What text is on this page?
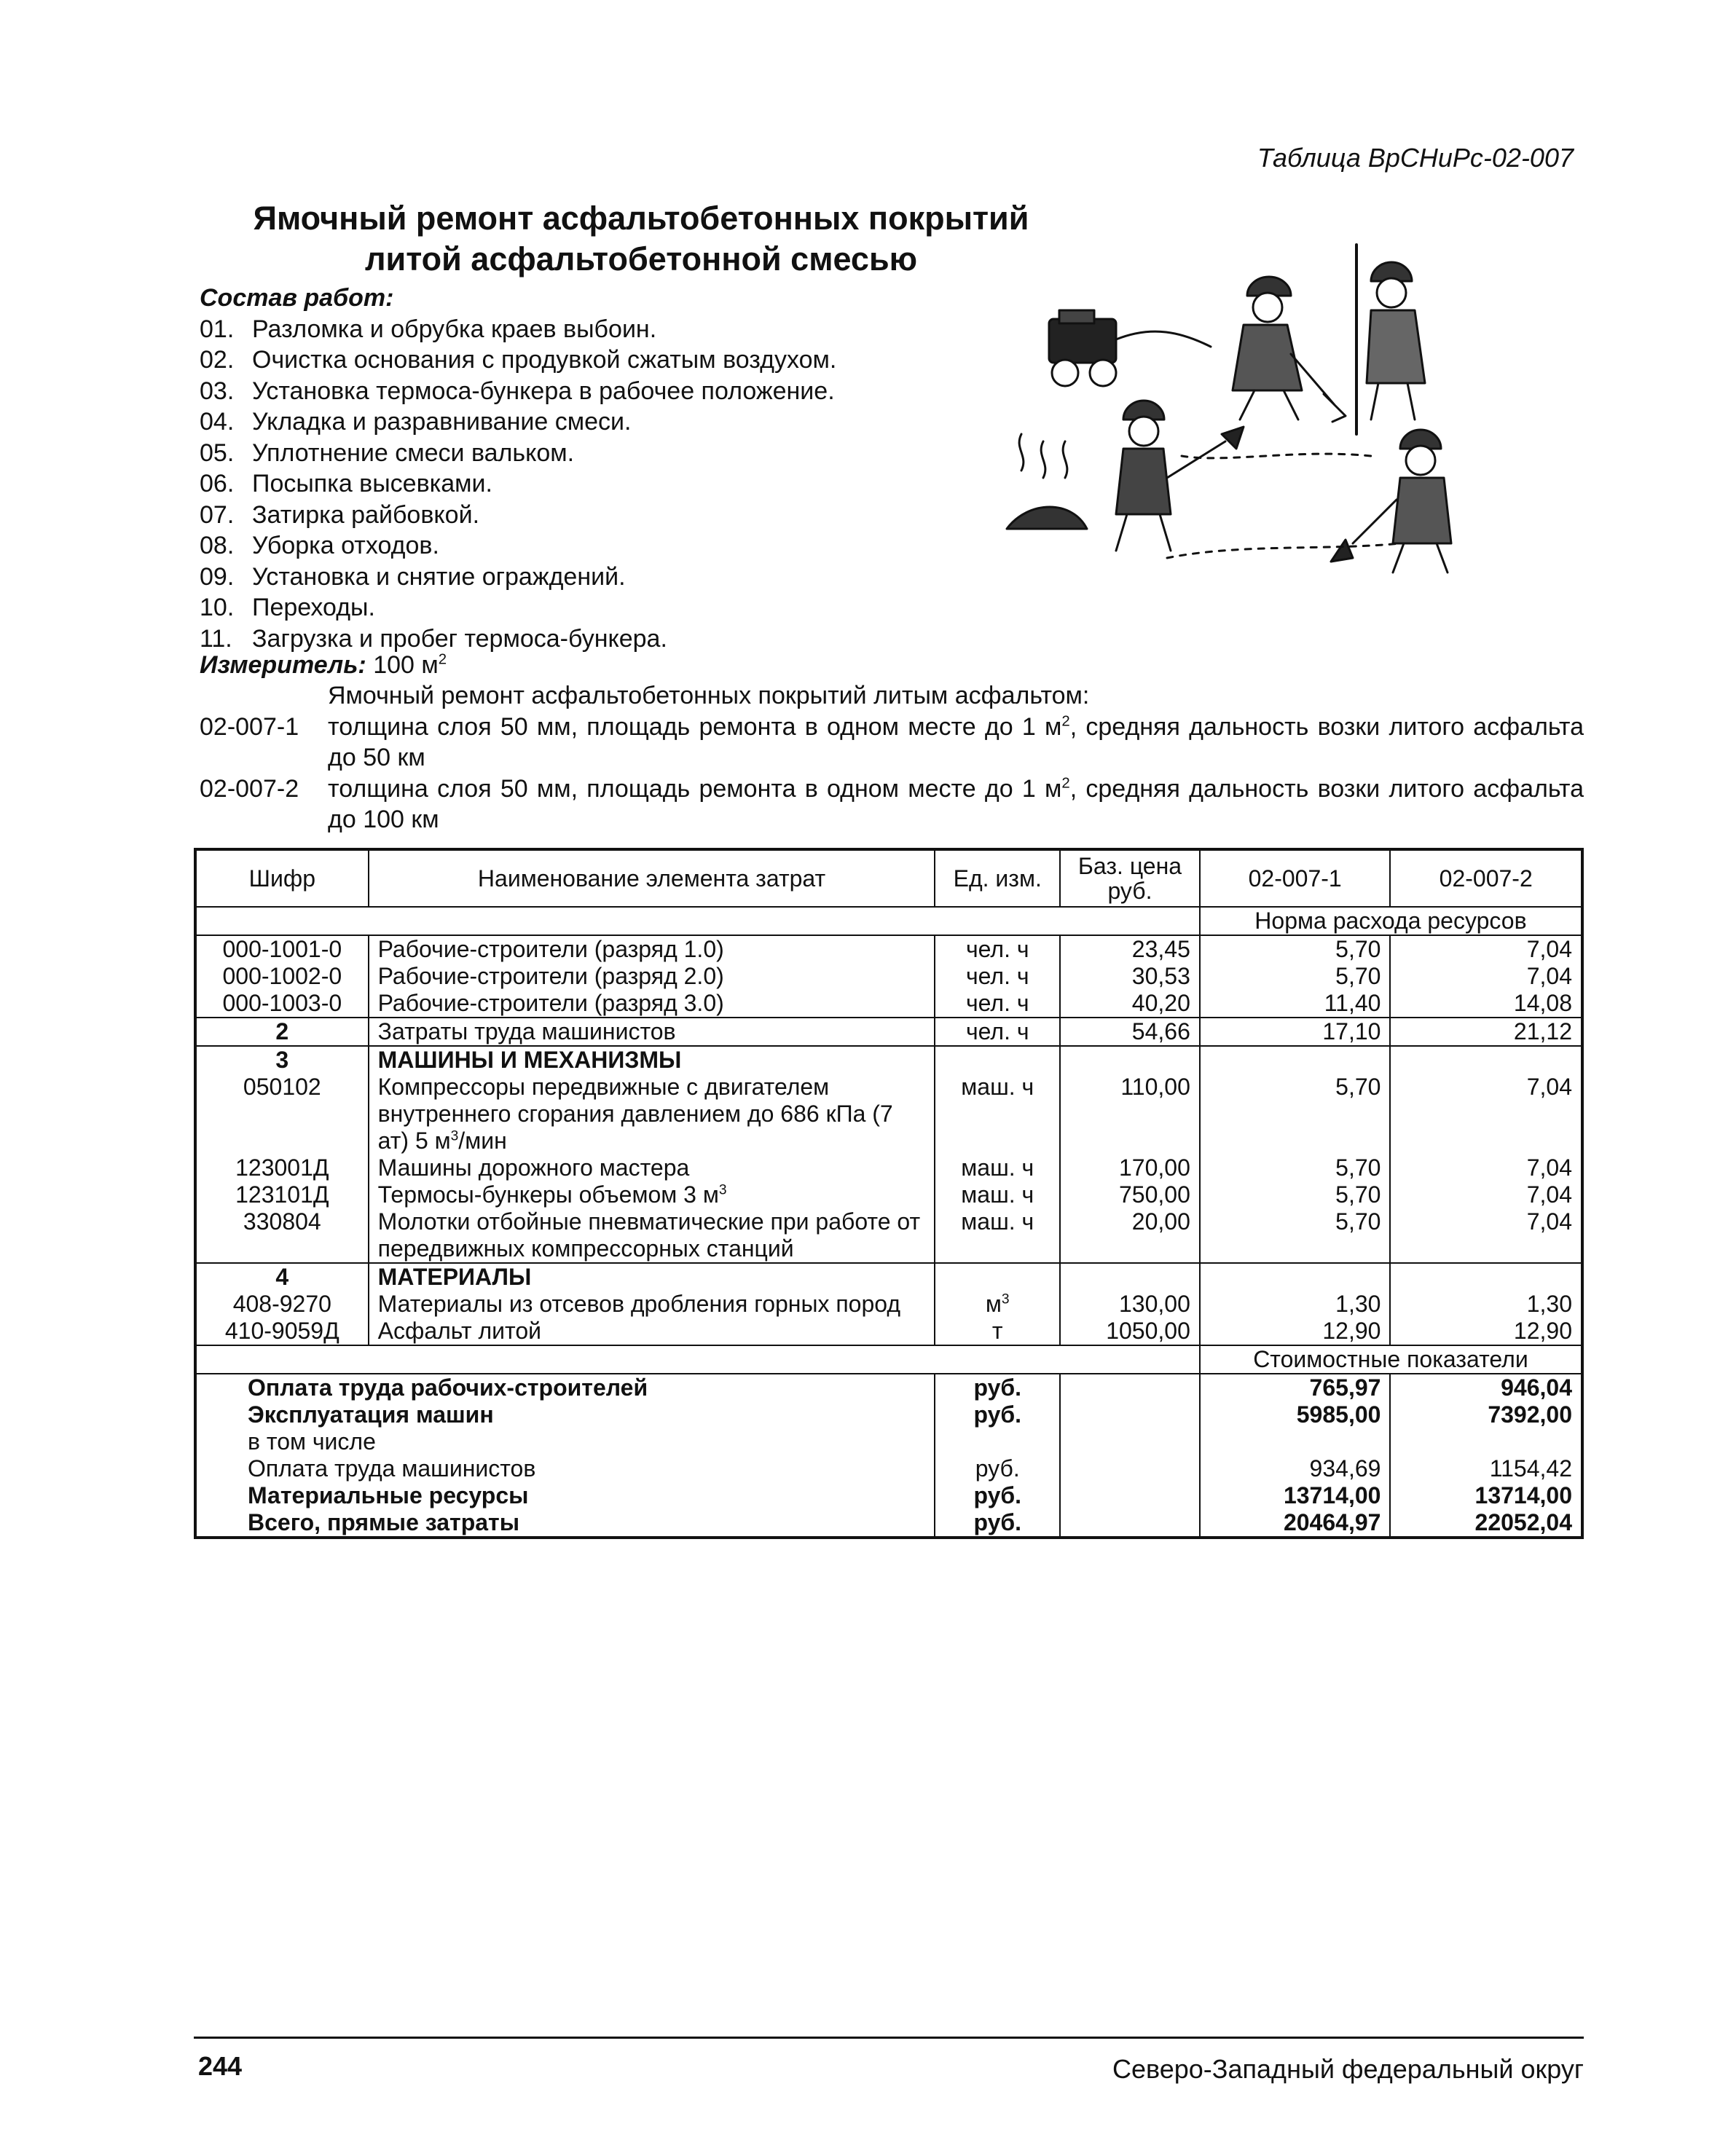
Таблица ВрСНиРс-02-007
Ямочный ремонт асфальтобетонных покрытий
литой асфальтобетонной смесью
Состав работ:
01. Разломка и обрубка краев выбоин.
02. Очистка основания с продувкой сжатым воздухом.
03. Установка термоса-бункера в рабочее положение.
04. Укладка и разравнивание смеси.
05. Уплотнение смеси вальком.
06. Посыпка высевками.
07. Затирка райбовкой.
08. Уборка отходов.
09. Установка и снятие ограждений.
10. Переходы.
11. Загрузка и пробег термоса-бункера.
Измеритель: 100 $м^2$
Ямочный ремонт асфальтобетонных покрытий литым асфальтом:
02-007-1	толщина слоя 50 мм, площадь ремонта в одном месте до 1 $м^2$, средняя дальность возки литого асфальта до 50 км
02-007-2	толщина слоя 50 мм, площадь ремонта в одном месте до 1 $м^2$, средняя дальность возки литого асфальта до 100 км
Шифр	Наименование элемента затрат	Ед. изм.	Баз. цена руб.	02-007-1	02-007-2
				Норма расхода ресурсов	
000-1001-0	Рабочие-строители (разряд 1.0)	чел. ч	23,45	5,70	7,04
000-1002-0	Рабочие-строители (разряд 2.0)	чел. ч	30,53	5,70	7,04
000-1003-0	Рабочие-строители (разряд 3.0)	чел. ч	40,20	11,40	14,08
2	Затраты труда машинистов	чел. ч	54,66	17,10	21,12
3	МАШИНЫ И МЕХАНИЗМЫ				
050102	Компрессоры передвижные с двигателем внутреннего сгорания давлением до 686 кПа (7 ат) 5 $м^3$/мин	маш. ч	110,00	5,70	7,04
123001Д	Машины дорожного мастера	маш. ч	170,00	5,70	7,04
123101Д	Термосы-бункеры объемом 3 $м^3$	маш. ч	750,00	5,70	7,04
330804	Молотки отбойные пневматические при работе от передвижных компрессорных станций	маш. ч	20,00	5,70	7,04
4	МАТЕРИАЛЫ				
408-9270	Материалы из отсевов дробления горных пород	$м^3$	130,00	1,30	1,30
410-9059Д	Асфальт литой	т	1050,00	12,90	12,90
				Стоимостные показатели	
Оплата труда рабочих-строителей		руб.		765,97	946,04
Эксплуатация машин		руб.		5985,00	7392,00
в том числе					
Оплата труда машинистов		руб.		934,69	1154,42
Материальные ресурсы		руб.		13714,00	13714,00
Всего, прямые затраты		руб.		20464,97	22052,04
244	Северо-Западный федеральный округ
